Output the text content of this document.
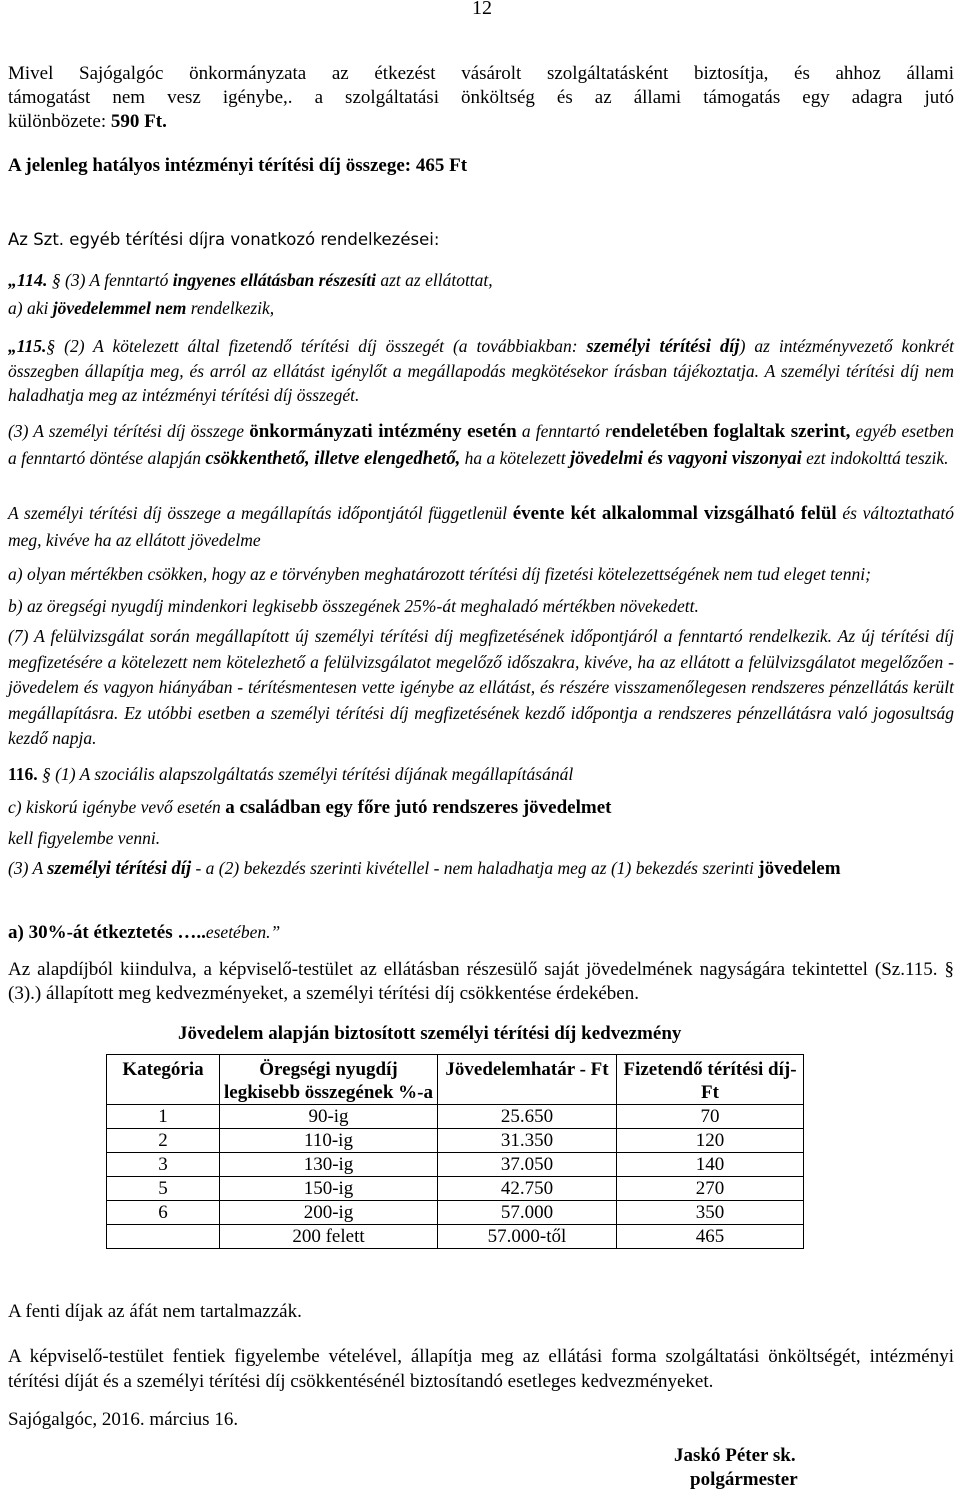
12

Mivel Sajógalgóc önkormányzata az étkezést vásárolt szolgáltatásként biztosítja, és ahhoz állami

támogatást nem vesz igénybe,. a szolgáltatási önköltség és az állami támogatás egy adagra jutó

különbözete: 590 Ft.

A jelenleg hatályos intézményi térítési díj összege: 465 Ft
Az Szt. egyéb térítési díjra vonatkozó rendelkezései:

„114. § (3) A fenntartó ingyenes ellátásban részesíti azt az ellátottat,

a) aki jövedelemmel nem rendelkezik,

„115.§ (2) A kötelezett által fizetendő térítési díj összegét (a továbbiakban: személyi térítési díj) az intézményvezető konkrét összegben állapítja meg, és arról az ellátást igénylőt a megállapodás megkötésekor írásban tájékoztatja. A személyi térítési díj nem haladhatja meg az intézményi térítési díj összegét.

(3) A személyi térítési díj összege önkormányzati intézmény esetén a fenntartó rendeletében foglaltak szerint, egyéb esetben a fenntartó döntése alapján csökkenthető, illetve elengedhető, ha a kötelezett jövedelmi és vagyoni viszonyai ezt indokolttá teszik.

A személyi térítési díj összege a megállapítás időpontjától függetlenül évente két alkalommal vizsgálható felül és változtatható meg, kivéve ha az ellátott jövedelme

a) olyan mértékben csökken, hogy az e törvényben meghatározott térítési díj fizetési kötelezettségének nem tud eleget tenni;
b) az öregségi nyugdíj mindenkori legkisebb összegének 25%-át meghaladó mértékben növekedett.

(7) A felülvizsgálat során megállapított új személyi térítési díj megfizetésének időpontjáról a fenntartó rendelkezik. Az új térítési díj megfizetésére a kötelezett nem kötelezhető a felülvizsgálatot megelőző időszakra, kivéve, ha az ellátott a felülvizsgálatot megelőzően - jövedelem és vagyon hiányában - térítésmentesen vette igénybe az ellátást, és részére visszamenőlegesen rendszeres pénzellátás került megállapításra. Ez utóbbi esetben a személyi térítési díj megfizetésének kezdő időpontja a rendszeres pénzellátásra való jogosultság kezdő napja.

116. § (1) A szociális alapszolgáltatás személyi térítési díjának megállapításánál
c) kiskorú igénybe vevő esetén a családban egy főre jutó rendszeres jövedelmet
kell figyelembe venni.

(3) A személyi térítési díj - a (2) bekezdés szerinti kivétellel - nem haladhatja meg az (1) bekezdés szerinti jövedelem

a) 30%-át étkeztetés …..esetében.”

Az alapdíjból kiindulva, a képviselő-testület az ellátásban részesülő saját jövedelmének nagyságára tekintettel (Sz.115. § (3).) állapított meg kedvezményeket, a személyi térítési díj csökkentése érdekében.

Jövedelem alapján biztosított személyi térítési díj kedvezmény
Kategória	Öregségi nyugdíj legkisebb összegének %-a	Jövedelemhatár - Ft	Fizetendő térítési díj- Ft
1	90-ig	25.650	70
2	110-ig	31.350	120
3	130-ig	37.050	140
5	150-ig	42.750	270
6	200-ig	57.000	350
	200 felett	57.000-től	465
A fenti díjak az áfát nem tartalmazzák.

A képviselő-testület fentiek figyelembe vételével, állapítja meg az ellátási forma szolgáltatási önköltségét, intézményi térítési díját és a személyi térítési díj csökkentésénél biztosítandó esetleges kedvezményeket.

Sajógalgóc, 2016. március 16.
Jaskó Péter sk.
polgármester
